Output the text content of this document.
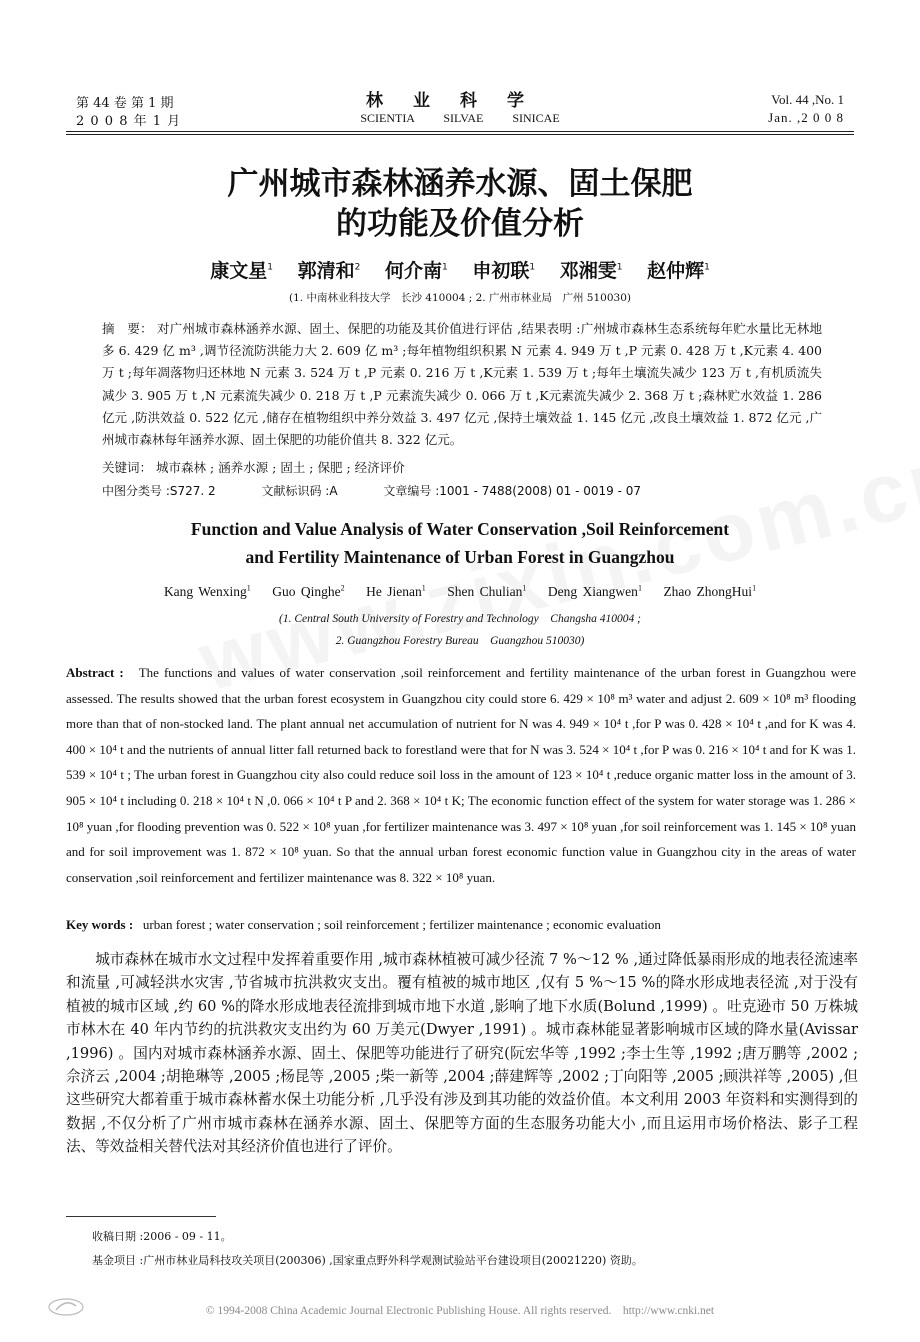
第 44 卷 第 1 期
2 0 0 8 年 1 月
林业科学
SCIENTIA SILVAE SINICAE
Vol. 44 ,No. 1
Jan. ,2 0 0 8
广州城市森林涵养水源、固土保肥
的功能及价值分析
康文星$^1$ 郭清和$^2$ 何介南$^1$ 申初联$^1$ 邓湘雯$^1$ 赵仲辉$^1$
(1. 中南林业科技大学　长沙 410004 ; 2. 广州市林业局　广州 510030)
摘　要： 对广州城市森林涵养水源、固土、保肥的功能及其价值进行评估 ,结果表明 :广州城市森林生态系统每年贮水量比无林地多 6. 429 亿 m³ ,调节径流防洪能力大 2. 609 亿 m³ ;每年植物组织积累 N 元素 4. 949 万 t ,P 元素 0. 428 万 t ,K元素 4. 400 万 t ;每年凋落物归还林地 N 元素 3. 524 万 t ,P 元素 0. 216 万 t ,K元素 1. 539 万 t ;每年土壤流失减少 123 万 t ,有机质流失减少 3. 905 万 t ,N 元素流失减少 0. 218 万 t ,P 元素流失减少 0. 066 万 t ,K元素流失减少 2. 368 万 t ;森林贮水效益 1. 286 亿元 ,防洪效益 0. 522 亿元 ,储存在植物组织中养分效益 3. 497 亿元 ,保持土壤效益 1. 145 亿元 ,改良土壤效益 1. 872 亿元 ,广州城市森林每年涵养水源、固土保肥的功能价值共 8. 322 亿元。
关键词： 城市森林 ; 涵养水源 ; 固土 ; 保肥 ; 经济评价
中图分类号 :S727. 2	文献标识码 :A	文章编号 :1001 - 7488(2008) 01 - 0019 - 07
Function and Value Analysis of Water Conservation ,Soil Reinforcement
and Fertility Maintenance of Urban Forest in Guangzhou
Kang Wenxing$^1$ Guo Qinghe$^2$ He Jienan$^1$ Shen Chulian$^1$ Deng Xiangwen$^1$ Zhao ZhongHui$^1$
(1. Central South University of Forestry and Technology　Changsha 410004 ;
2. Guangzhou Forestry Bureau　Guangzhou 510030)
Abstract : The functions and values of water conservation ,soil reinforcement and fertility maintenance of the urban forest in Guangzhou were assessed. The results showed that the urban forest ecosystem in Guangzhou city could store 6. 429 × 10⁸ m³ water and adjust 2. 609 × 10⁸ m³ flooding more than that of non-stocked land. The plant annual net accumulation of nutrient for N was 4. 949 × 10⁴ t ,for P was 0. 428 × 10⁴ t ,and for K was 4. 400 × 10⁴ t and the nutrients of annual litter fall returned back to forestland were that for N was 3. 524 × 10⁴ t ,for P was 0. 216 × 10⁴ t and for K was 1. 539 × 10⁴ t ; The urban forest in Guangzhou city also could reduce soil loss in the amount of 123 × 10⁴ t ,reduce organic matter loss in the amount of 3. 905 × 10⁴ t including 0. 218 × 10⁴ t N ,0. 066 × 10⁴ t P and 2. 368 × 10⁴ t K; The economic function effect of the system for water storage was 1. 286 × 10⁸ yuan ,for flooding prevention was 0. 522 × 10⁸ yuan ,for fertilizer maintenance was 3. 497 × 10⁸ yuan ,for soil reinforcement was 1. 145 × 10⁸ yuan and for soil improvement was 1. 872 × 10⁸ yuan. So that the annual urban forest economic function value in Guangzhou city in the areas of water conservation ,soil reinforcement and fertilizer maintenance was 8. 322 × 10⁸ yuan.
Key words : urban forest ; water conservation ; soil reinforcement ; fertilizer maintenance ; economic evaluation
城市森林在城市水文过程中发挥着重要作用 ,城市森林植被可减少径流 7 %～12 % ,通过降低暴雨形成的地表径流速率和流量 ,可减轻洪水灾害 ,节省城市抗洪救灾支出。覆有植被的城市地区 ,仅有 5 %～15 %的降水形成地表径流 ,对于没有植被的城市区域 ,约 60 %的降水形成地表径流排到城市地下水道 ,影响了地下水质(Bolund ,1999) 。吐克逊市 50 万株城市林木在 40 年内节约的抗洪救灾支出约为 60 万美元(Dwyer ,1991) 。城市森林能显著影响城市区域的降水量(Avissar ,1996) 。国内对城市森林涵养水源、固土、保肥等功能进行了研究(阮宏华等 ,1992 ;李士生等 ,1992 ;唐万鹏等 ,2002 ;佘济云 ,2004 ;胡艳琳等 ,2005 ;杨昆等 ,2005 ;柴一新等 ,2004 ;薛建辉等 ,2002 ;丁向阳等 ,2005 ;顾洪祥等 ,2005) ,但这些研究大都着重于城市森林蓄水保土功能分析 ,几乎没有涉及到其功能的效益价值。本文利用 2003 年资料和实测得到的数据 ,不仅分析了广州市城市森林在涵养水源、固土、保肥等方面的生态服务功能大小 ,而且运用市场价格法、影子工程法、等效益相关替代法对其经济价值也进行了评价。
收稿日期 :2006 - 09 - 11。
基金项目 :广州市林业局科技攻关项目(200306) ,国家重点野外科学观测试验站平台建设项目(20021220) 资助。
© 1994-2008 China Academic Journal Electronic Publishing House. All rights reserved.　http://www.cnki.net
